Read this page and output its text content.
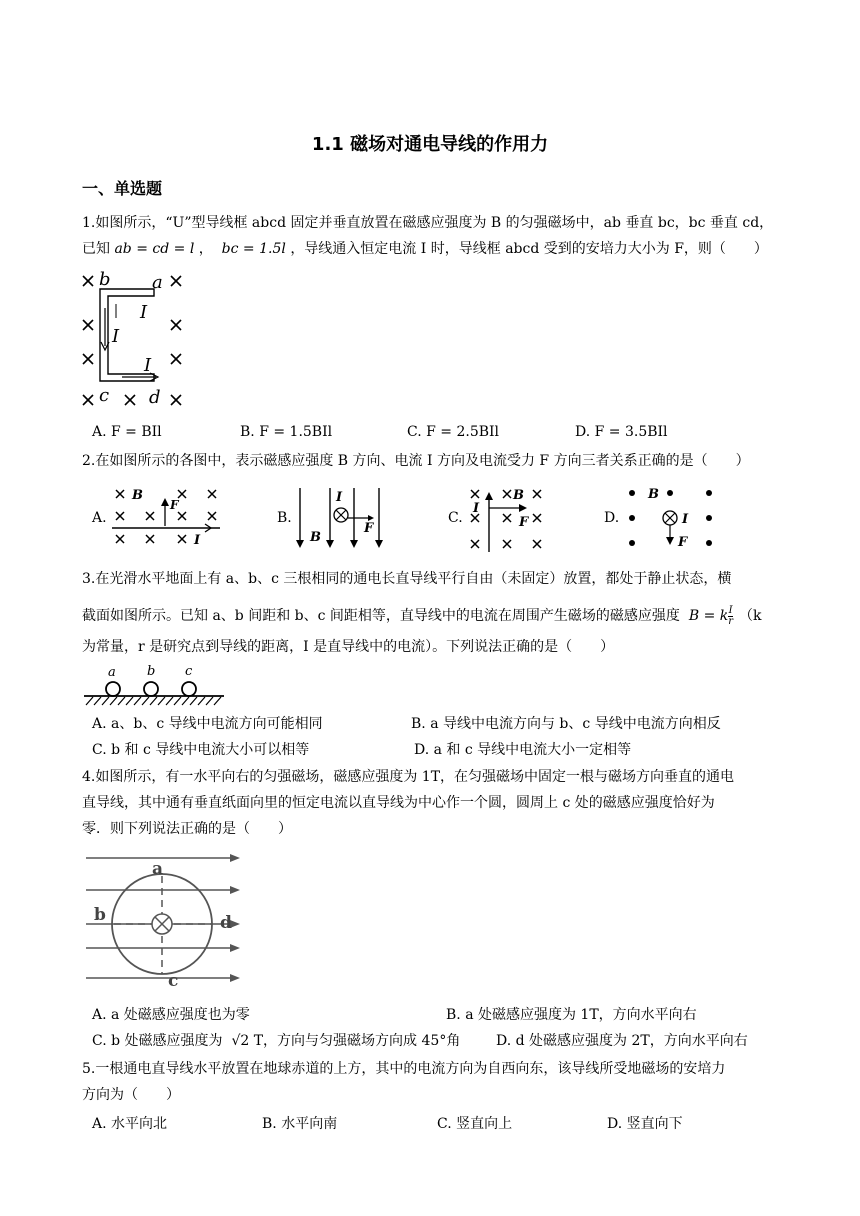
1.1 磁场对通电导线的作用力
一、单选题
1.如图所示，“U”型导线框 abcd 固定并垂直放置在磁感应强度为 B 的匀强磁场中，ab 垂直 bc，bc 垂直 cd，
已知 ab = cd = l ， bc = 1.5l ，导线通入恒定电流 I 时，导线框 abcd 受到的安培力大小为 F，则（　　）
b a
I
I
I
c d
A. F = BIl	B. F = 1.5BIl	C. F = 2.5BIl	D. F = 3.5BIl
2.在如图所示的各图中，表示磁感应强度 B 方向、电流 I 方向及电流受力 F 方向三者关系正确的是（　　）
A.
B
F
I
B.
I
F
B
C.
B
I
F	D.
B
I
F
3.在光滑水平地面上有 a、b、c 三根相同的通电长直导线平行自由（未固定）放置，都处于静止状态，横
截面如图所示。已知 a、b 间距和 b、c 间距相等，直导线中的电流在周围产生磁场的磁感应强度 B = k $\frac{I}{r} (k$
为常量，r 是研究点到导线的距离，I 是直导线中的电流）。下列说法正确的是（　　）
a b c
A. a、b、c 导线中电流方向可能相同	B. a 导线中电流方向与 b、c 导线中电流方向相反
C. b 和 c 导线中电流大小可以相等	D. a 和 c 导线中电流大小一定相等
4.如图所示，有一水平向右的匀强磁场，磁感应强度为 1T，在匀强磁场中固定一根与磁场方向垂直的通电
直导线，其中通有垂直纸面向里的恒定电流以直导线为中心作一个圆，圆周上 c 处的磁感应强度恰好为
零．则下列说法正确的是（　　）
a
b
c
d
A. a 处磁感应强度也为零	B. a 处磁感应强度为 1T，方向水平向右
C. b 处磁感应强度为 √2 T，方向与匀强磁场方向成 45°角	D. d 处磁感应强度为 2T，方向水平向右
5.一根通电直导线水平放置在地球赤道的上方，其中的电流方向为自西向东，该导线所受地磁场的安培力
方向为（　　）
A. 水平向北	B. 水平向南	C. 竖直向上	D. 竖直向下
